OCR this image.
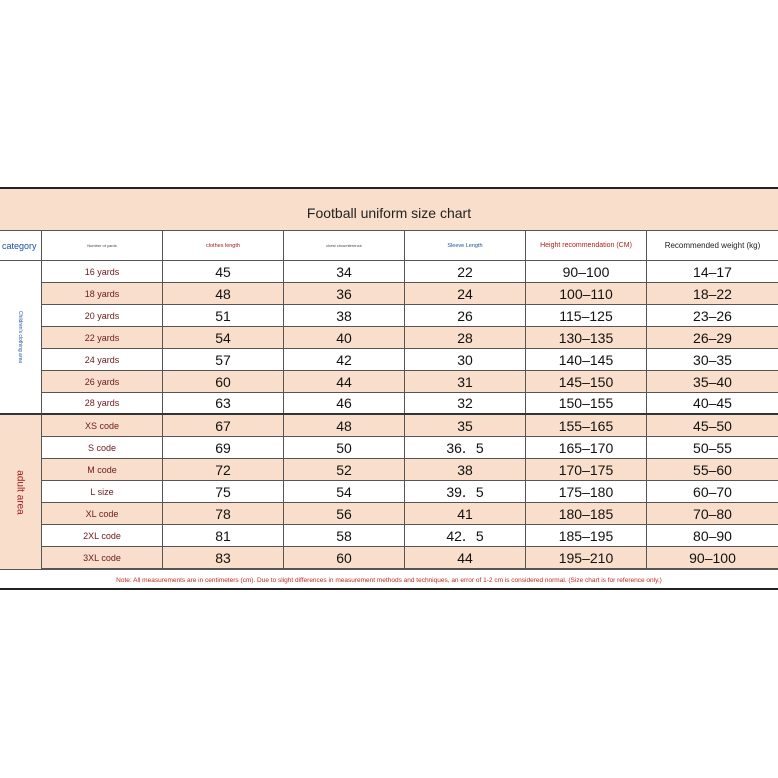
Football uniform size chart
category	Number of yards	clothes length	chest circumference	Sleeve Length	Height recommendation (CM)	Recommended weight (kg)
16 yards	45	34	22	90–100	14–17
18 yards	48	36	24	100–110	18–22
20 yards	51	38	26	115–125	23–26
22 yards	54	40	28	130–135	26–29
24 yards	57	42	30	140–145	30–35
26 yards	60	44	31	145–150	35–40
28 yards	63	46	32	150–155	40–45
XS code	67	48	35	155–165	45–50
S code	69	50	36．5	165–170	50–55
M code	72	52	38	170–175	55–60
L size	75	54	39．5	175–180	60–70
XL code	78	56	41	180–185	70–80
2XL code	81	58	42．5	185–195	80–90
3XL code	83	60	44	195–210	90–100
Children's clothing area
adult area
Note: All measurements are in centimeters (cm). Due to slight differences in measurement methods and techniques, an error of 1-2 cm is considered normal. (Size chart is for reference only.)
